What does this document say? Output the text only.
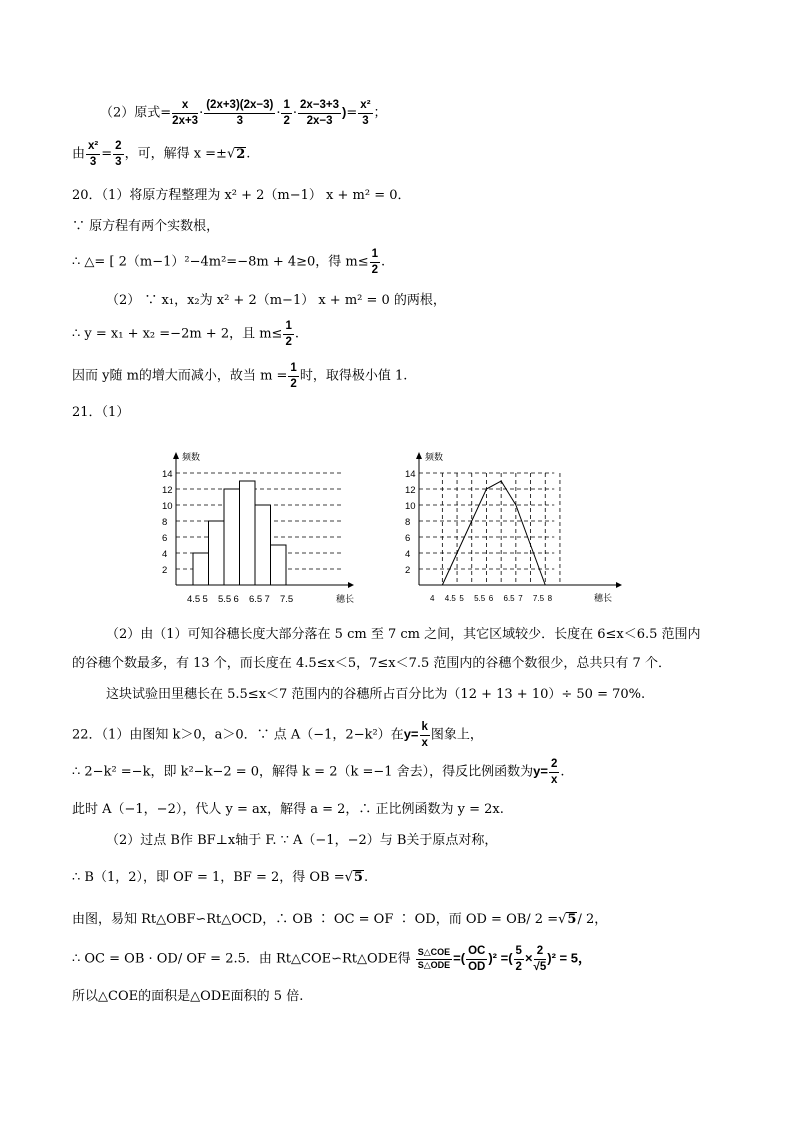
（2）原式= $\frac{x}{2x+3} \cdot \frac{(2x+3)(2x-3)}{3} \cdot \frac{1}{2} \cdot \frac{2x-3+3}{2x-3}$ )= $\frac{\text{x²}}{3}$ ；
由 $\frac{\text{x²}}{3} = \frac{2}{3}$ ，可，解得 x =±√2.
20．（1）将原方程整理为 x² + 2（m−1） x + m² = 0．
∵ 原方程有两个实数根，
∴ △= [ 2（m−1）²−4m²=−8m + 4≥0，得 $m\le \frac{1}{2}$ .
（2） ∵ x₁，x₂为 x² + 2（m−1） x + m² = 0 的两根，
∴ y = x₁ + x₂ =−2m + 2，且 $m\le \frac{1}{2}$ .
因而 y随 m的增大而减小，故当 $m = \frac{1}{2}$ 时，取得极小值 1.
21．（1）
2
4
6
8
10
12
14
4.5 5 5.5 6 6.5 7 7.5
频数
穗长
2
4
6
8
10
12
14
4 4.5 5 5.5 6 6.5 7 7.5 8
频数
穗长
（2）由（1）可知谷穗长度大部分落在 5 cm 至 7 cm 之间，其它区域较少．长度在 6≤x＜6.5 范围内
的谷穗个数最多，有 13 个，而长度在 4.5≤x＜5，7≤x＜7.5 范围内的谷穗个数很少，总共只有 7 个．
这块试验田里穗长在 5.5≤x＜7 范围内的谷穗所占百分比为（12 + 13 + 10）÷ 50 = 70%.
22．（1）由图知 k＞0，a＞0．∵ 点 A（−1，2−k²）在$y= \frac{k}{x}$ 图象上，
∴ 2−k² =−k，即 k²−k−2 = 0，解得 k = 2（k =−1 舍去），得反比例函数为$y= \frac{2}{x}$ .
此时 A（−1，−2），代人 y = ax，解得 a = 2，∴ 正比例函数为 y = 2x.
（2）过点 B作 BF⊥x轴于 F. ∵ A（−1，−2）与 B关于原点对称，
∴ B（1，2），即 OF = 1，BF = 2，得 OB =√5.
由图，易知 Rt△OBF∽Rt△OCD，∴ OB ∶ OC = OF ∶ OD，而 OD = OB/ 2 =√5/ 2，
∴ OC = OB · OD/ OF = 2.5．由 Rt△COE∽Rt△ODE得 S△COE
S△ODE =( $\frac{OC}{OD} )^2$ =( $\frac{5}{2} \times \frac{2}{√5} )^2 = 5$，
所以△COE的面积是△ODE面积的 5 倍.
